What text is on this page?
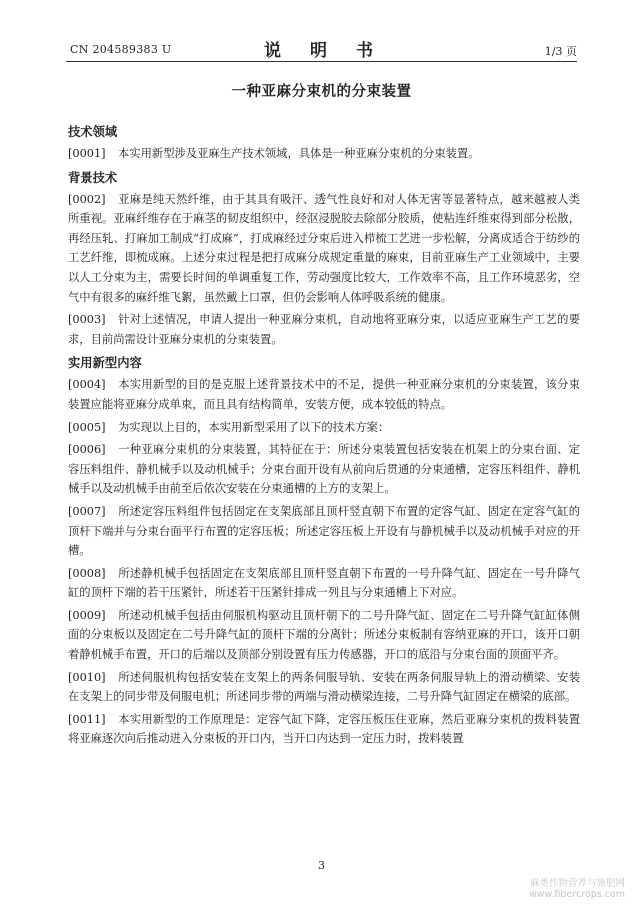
CN 204589383 U	说　明　书	1/3 页
一种亚麻分束机的分束装置
技术领域

[0001] 本实用新型涉及亚麻生产技术领域，具体是一种亚麻分束机的分束装置。

背景技术

[0002] 亚麻是纯天然纤维，由于其具有吸汗、透气性良好和对人体无害等显著特点，越来越被人类所重视。亚麻纤维存在于麻茎的韧皮组织中，经沤浸脱胶去除部分胶质，使粘连纤维束得到部分松散，再经压轧、打麻加工制成“打成麻”，打成麻经过分束后进入栉梳工艺进一步松解，分离成适合于纺纱的工艺纤维，即梳成麻。上述分束过程是把打成麻分成规定重量的麻束，目前亚麻生产工业领域中，主要以人工分束为主，需要长时间的单调重复工作，劳动强度比较大，工作效率不高，且工作环境恶劣，空气中有很多的麻纤维飞絮，虽然戴上口罩，但仍会影响人体呼吸系统的健康。

[0003] 针对上述情况，申请人提出一种亚麻分束机，自动地将亚麻分束，以适应亚麻生产工艺的要求，目前尚需设计亚麻分束机的分束装置。

实用新型内容

[0004] 本实用新型的目的是克服上述背景技术中的不足，提供一种亚麻分束机的分束装置，该分束装置应能将亚麻分成单束，而且具有结构简单，安装方便，成本较低的特点。

[0005] 为实现以上目的，本实用新型采用了以下的技术方案：

[0006] 一种亚麻分束机的分束装置，其特征在于：所述分束装置包括安装在机架上的分束台面、定容压料组件、静机械手以及动机械手；分束台面开设有从前向后贯通的分束通槽，定容压料组件、静机械手以及动机械手由前至后依次安装在分束通槽的上方的支架上。

[0007] 所述定容压料组件包括固定在支架底部且顶杆竖直朝下布置的定容气缸、固定在定容气缸的顶杆下端并与分束台面平行布置的定容压板；所述定容压板上开设有与静机械手以及动机械手对应的开槽。

[0008] 所述静机械手包括固定在支架底部且顶杆竖直朝下布置的一号升降气缸、固定在一号升降气缸的顶杆下端的若干压紧针，所述若干压紧针排成一列且与分束通槽上下对应。

[0009] 所述动机械手包括由伺服机构驱动且顶杆朝下的二号升降气缸、固定在二号升降气缸缸体侧面的分束板以及固定在二号升降气缸的顶杆下端的分离针；所述分束板制有容纳亚麻的开口，该开口朝着静机械手布置，开口的后端以及顶部分别设置有压力传感器，开口的底沿与分束台面的顶面平齐。

[0010] 所述伺服机构包括安装在支架上的两条伺服导轨、安装在两条伺服导轨上的滑动横梁、安装在支架上的同步带及伺服电机；所述同步带的两端与滑动横梁连接，二号升降气缸固定在横梁的底部。

[0011] 本实用新型的工作原理是：定容气缸下降，定容压板压住亚麻，然后亚麻分束机的拨料装置将亚麻逐次向后推动进入分束板的开口内，当开口内达到一定压力时，拨料装置

3
麻类作物营养与施肥网
www.fibercrops.com
